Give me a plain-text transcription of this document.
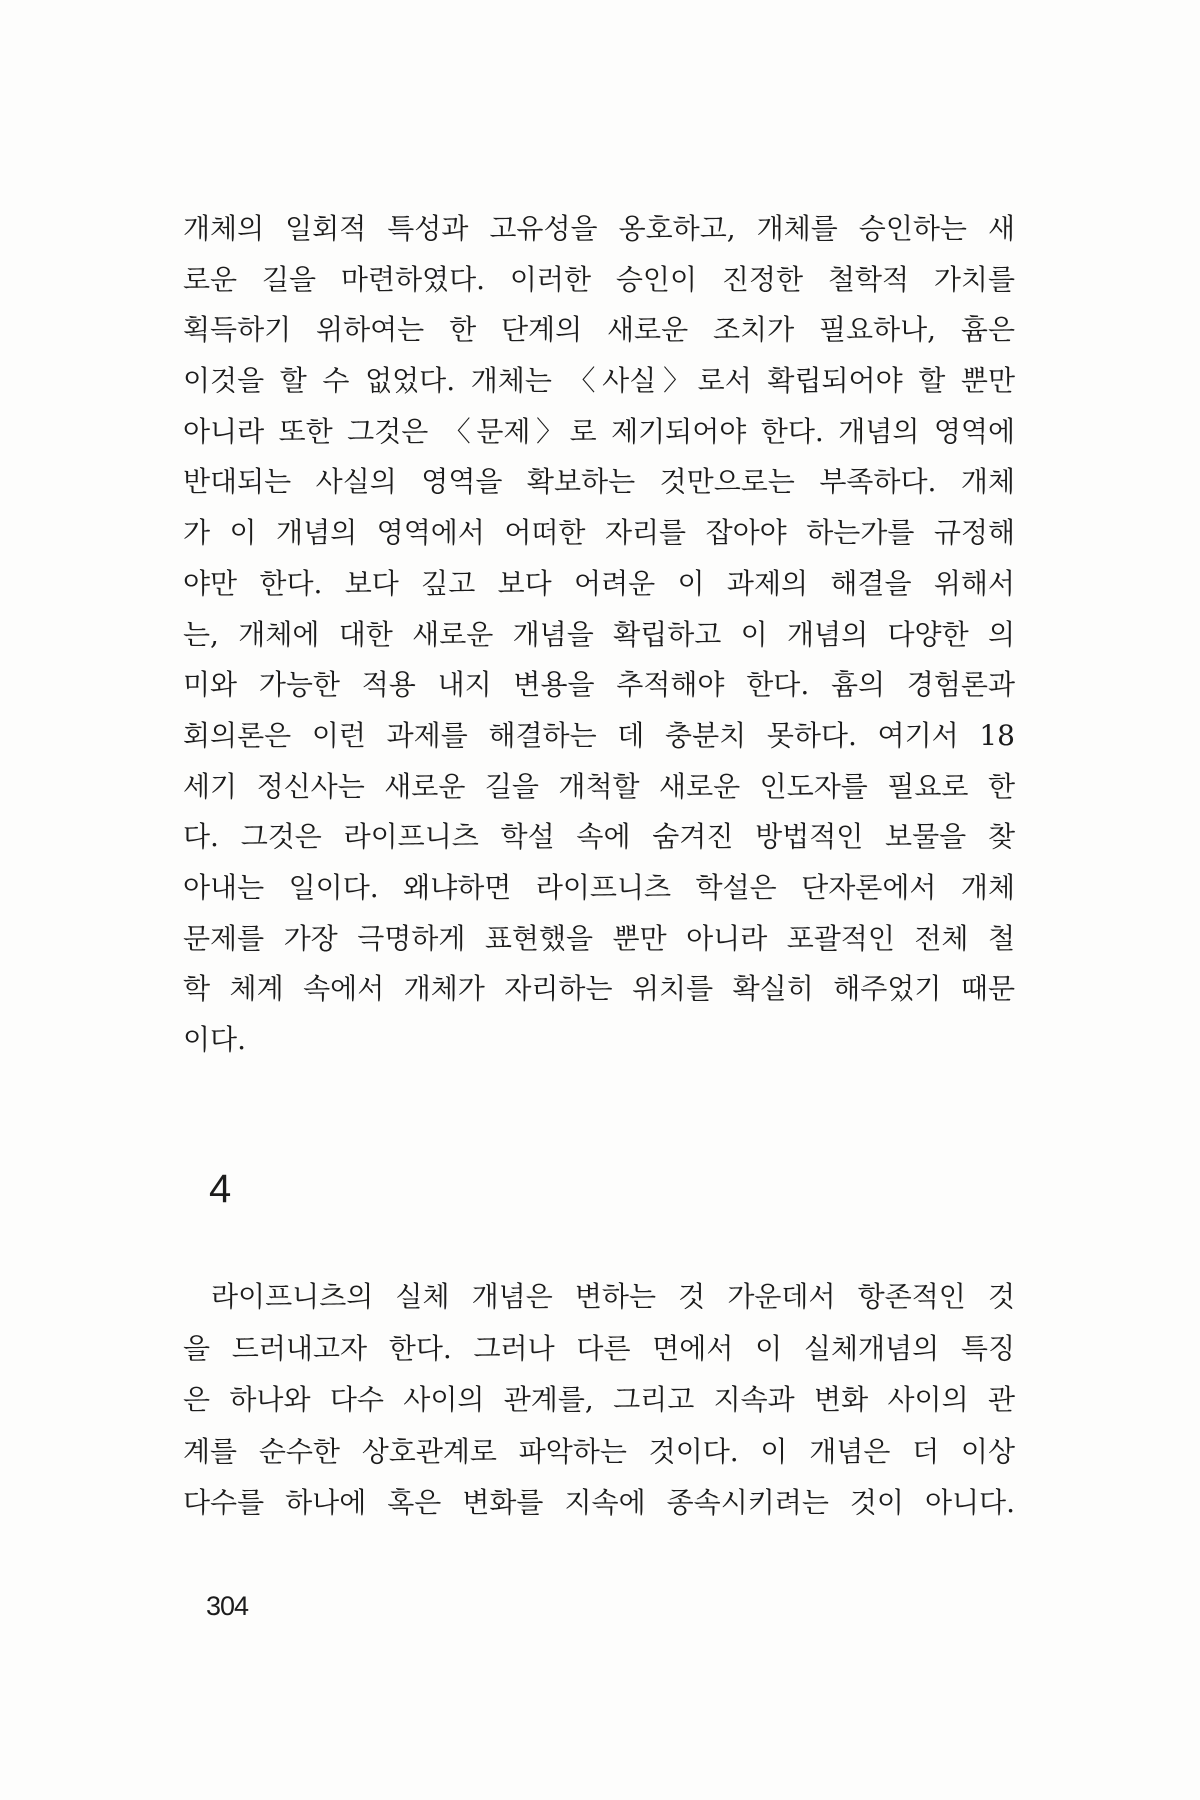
개체의 일회적 특성과 고유성을 옹호하고, 개체를 승인하는 새
로운 길을 마련하였다. 이러한 승인이 진정한 철학적 가치를
획득하기 위하여는 한 단계의 새로운 조치가 필요하나, 흄은
이것을 할 수 없었다. 개체는 〈사실〉로서 확립되어야 할 뿐만
아니라 또한 그것은 〈문제〉로 제기되어야 한다. 개념의 영역에
반대되는 사실의 영역을 확보하는 것만으로는 부족하다. 개체
가 이 개념의 영역에서 어떠한 자리를 잡아야 하는가를 규정해
야만 한다. 보다 깊고 보다 어려운 이 과제의 해결을 위해서
는, 개체에 대한 새로운 개념을 확립하고 이 개념의 다양한 의
미와 가능한 적용 내지 변용을 추적해야 한다. 흄의 경험론과
회의론은 이런 과제를 해결하는 데 충분치 못하다. 여기서 18
세기 정신사는 새로운 길을 개척할 새로운 인도자를 필요로 한
다. 그것은 라이프니츠 학설 속에 숨겨진 방법적인 보물을 찾
아내는 일이다. 왜냐하면 라이프니츠 학설은 단자론에서 개체
문제를 가장 극명하게 표현했을 뿐만 아니라 포괄적인 전체 철
학 체계 속에서 개체가 자리하는 위치를 확실히 해주었기 때문
이다.
4
라이프니츠의 실체 개념은 변하는 것 가운데서 항존적인 것
을 드러내고자 한다. 그러나 다른 면에서 이 실체개념의 특징
은 하나와 다수 사이의 관계를, 그리고 지속과 변화 사이의 관
계를 순수한 상호관계로 파악하는 것이다. 이 개념은 더 이상
다수를 하나에 혹은 변화를 지속에 종속시키려는 것이 아니다.
304
